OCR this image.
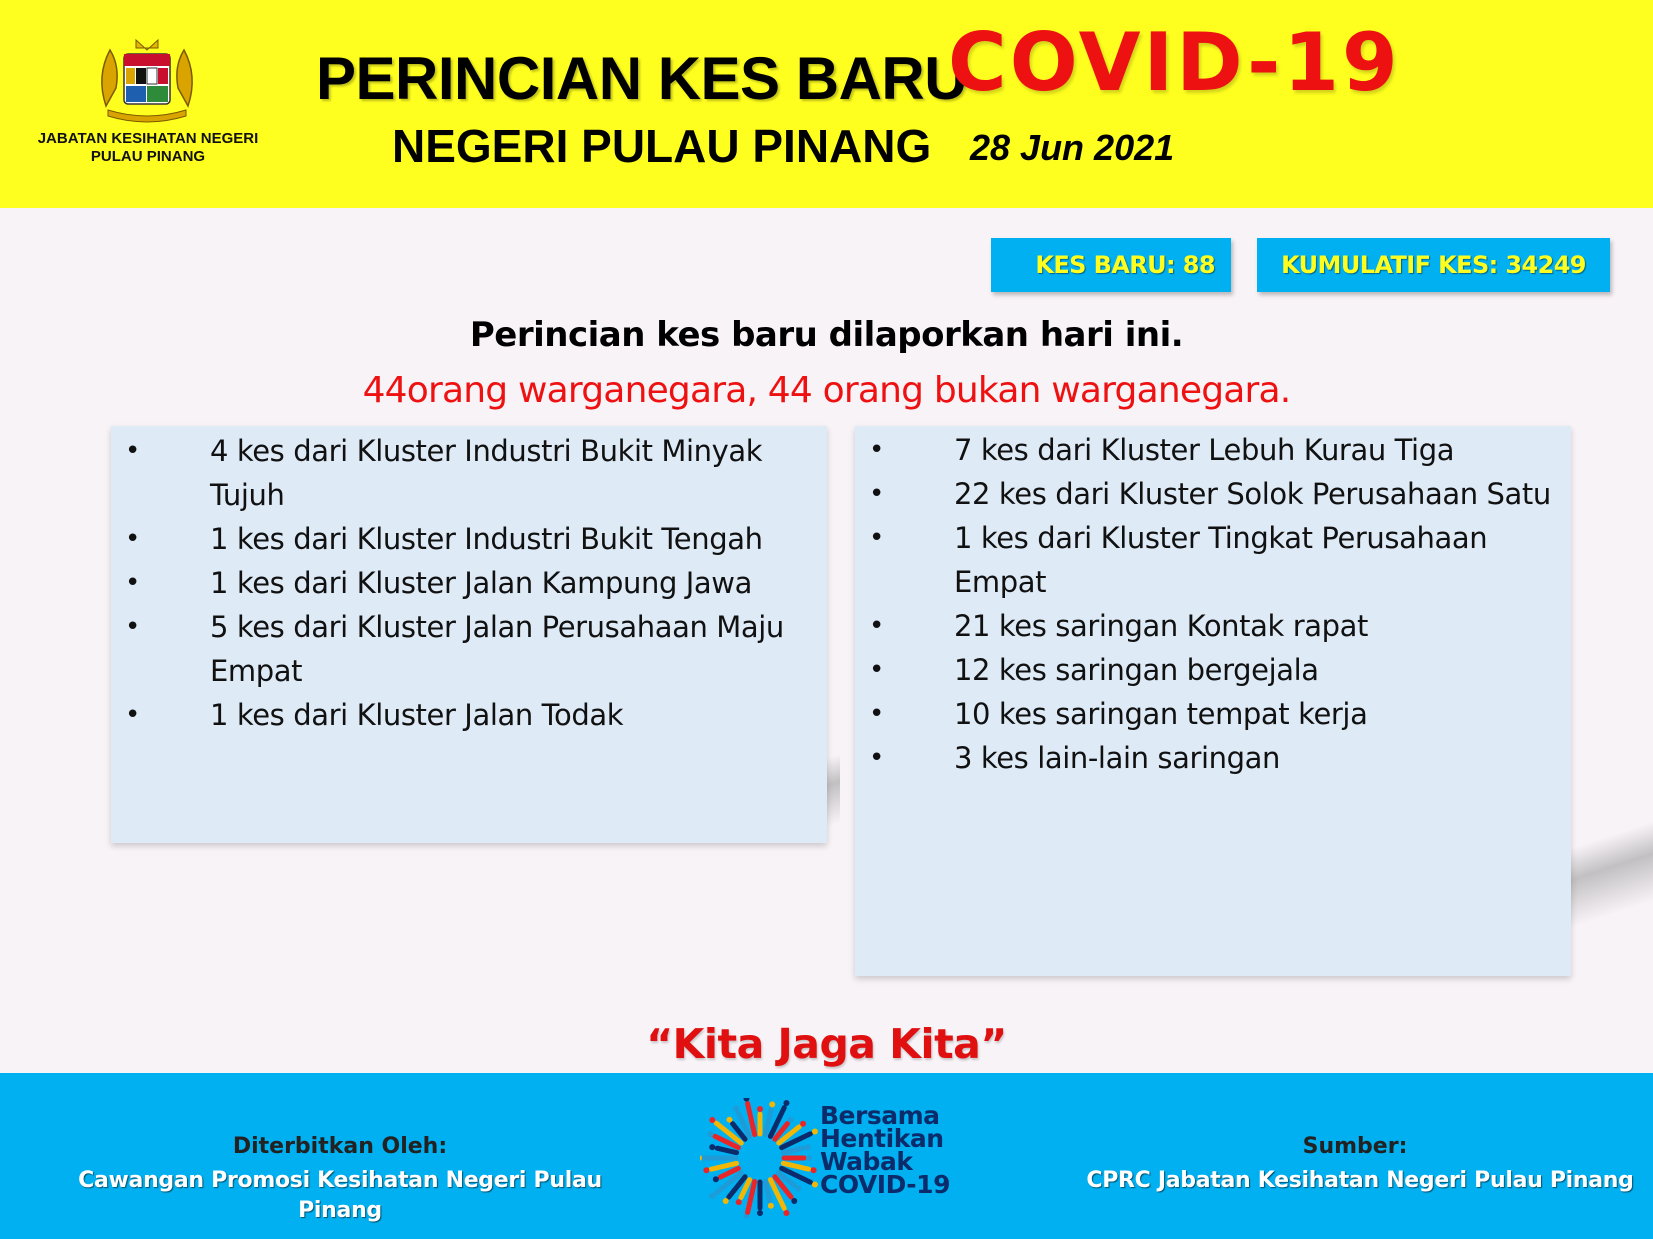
JABATAN KESIHATAN NEGERI
PULAU PINANG
PERINCIAN KES BARU
COVID-19
NEGERI PULAU PINANG 28 Jun 2021
KES BARU: 88	KUMULATIF KES: 34249
Perincian kes baru dilaporkan hari ini.
44orang warganegara, 44 orang bukan warganegara.
• 4 kes dari Kluster Industri Bukit Minyak Tujuh
• 1 kes dari Kluster Industri Bukit Tengah
• 1 kes dari Kluster Jalan Kampung Jawa
• 5 kes dari Kluster Jalan Perusahaan Maju Empat
• 1 kes dari Kluster Jalan Todak
• 7 kes dari Kluster Lebuh Kurau Tiga
• 22 kes dari Kluster Solok Perusahaan Satu
• 1 kes dari Kluster Tingkat Perusahaan Empat
• 21 kes saringan Kontak rapat
• 12 kes saringan bergejala
• 10 kes saringan tempat kerja
• 3 kes lain-lain saringan
“Kita Jaga Kita”
Diterbitkan Oleh:
Cawangan Promosi Kesihatan Negeri Pulau Pinang
Bersama
Hentikan
Wabak
COVID-19
Sumber:
CPRC Jabatan Kesihatan Negeri Pulau Pinang
